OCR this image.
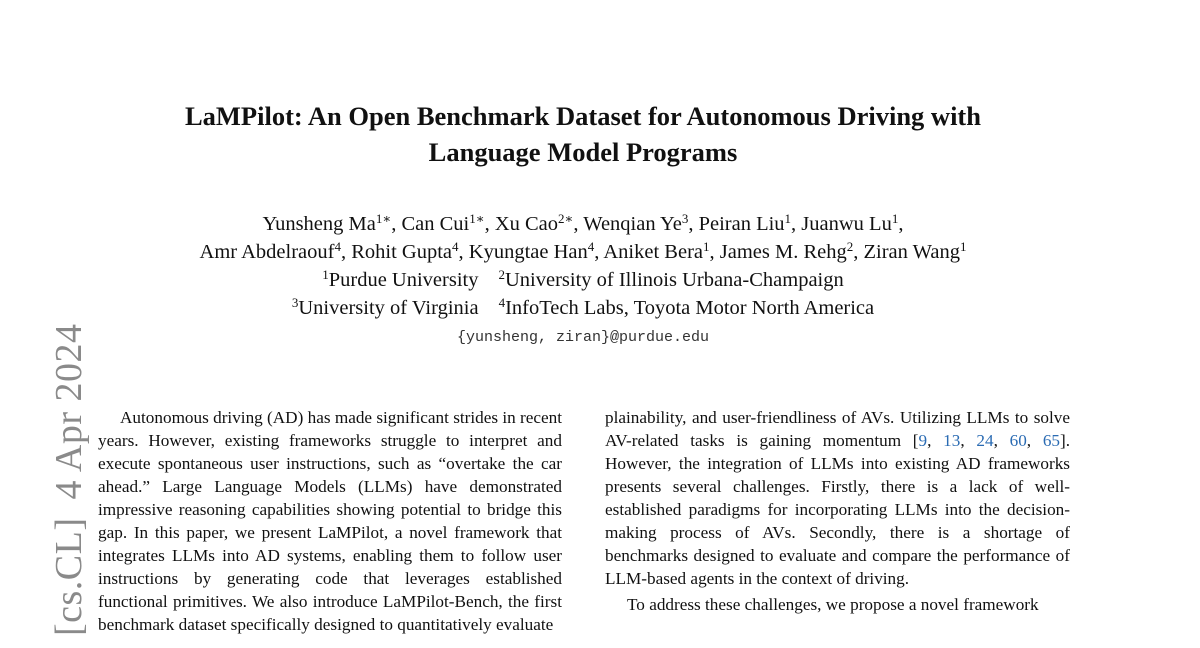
[cs.CL]4 Apr 2024
LaMPilot: An Open Benchmark Dataset for Autonomous Driving with
Language Model Programs
Yunsheng $Ma^{1∗}$, Can Cui$^{1∗}$, Xu Cao$^{2∗}$, Wenqian Ye$^3$, Peiran Liu$^1$, Juanwu Lu$^1$,
Amr Abdelraouf$^4$, Rohit Gupta$^4$, Kyungtae Han$^4$, Aniket Bera$^1$, James M. Rehg$^2$, Ziran Wang$^1$
$^1$Purdue University $^2$University of Illinois Urbana-Champaign
$^3$University of Virginia $^4$InfoTech Labs, Toyota Motor North America
{yunsheng, ziran}@purdue.edu

Autonomous driving (AD) has made significant strides in recent years. However, existing frameworks struggle to interpret and execute spontaneous user instructions, such as “overtake the car ahead.” Large Language Models (LLMs) have demonstrated impressive reasoning capabilities showing potential to bridge this gap. In this paper, we present LaMPilot, a novel framework that integrates LLMs into AD systems, enabling them to follow user instructions by generating code that leverages established functional primitives. We also introduce LaMPilot-Bench, the first benchmark dataset specifically designed to quantitatively evaluate

plainability, and user-friendliness of AVs. Utilizing LLMs to solve AV-related tasks is gaining momentum [9, 13, 24, 60, 65]. However, the integration of LLMs into existing AD frameworks presents several challenges. Firstly, there is a lack of well-established paradigms for incorporating LLMs into the decision-making process of AVs. Secondly, there is a shortage of benchmarks designed to evaluate and compare the performance of LLM-based agents in the context of driving.

To address these challenges, we propose a novel framework
